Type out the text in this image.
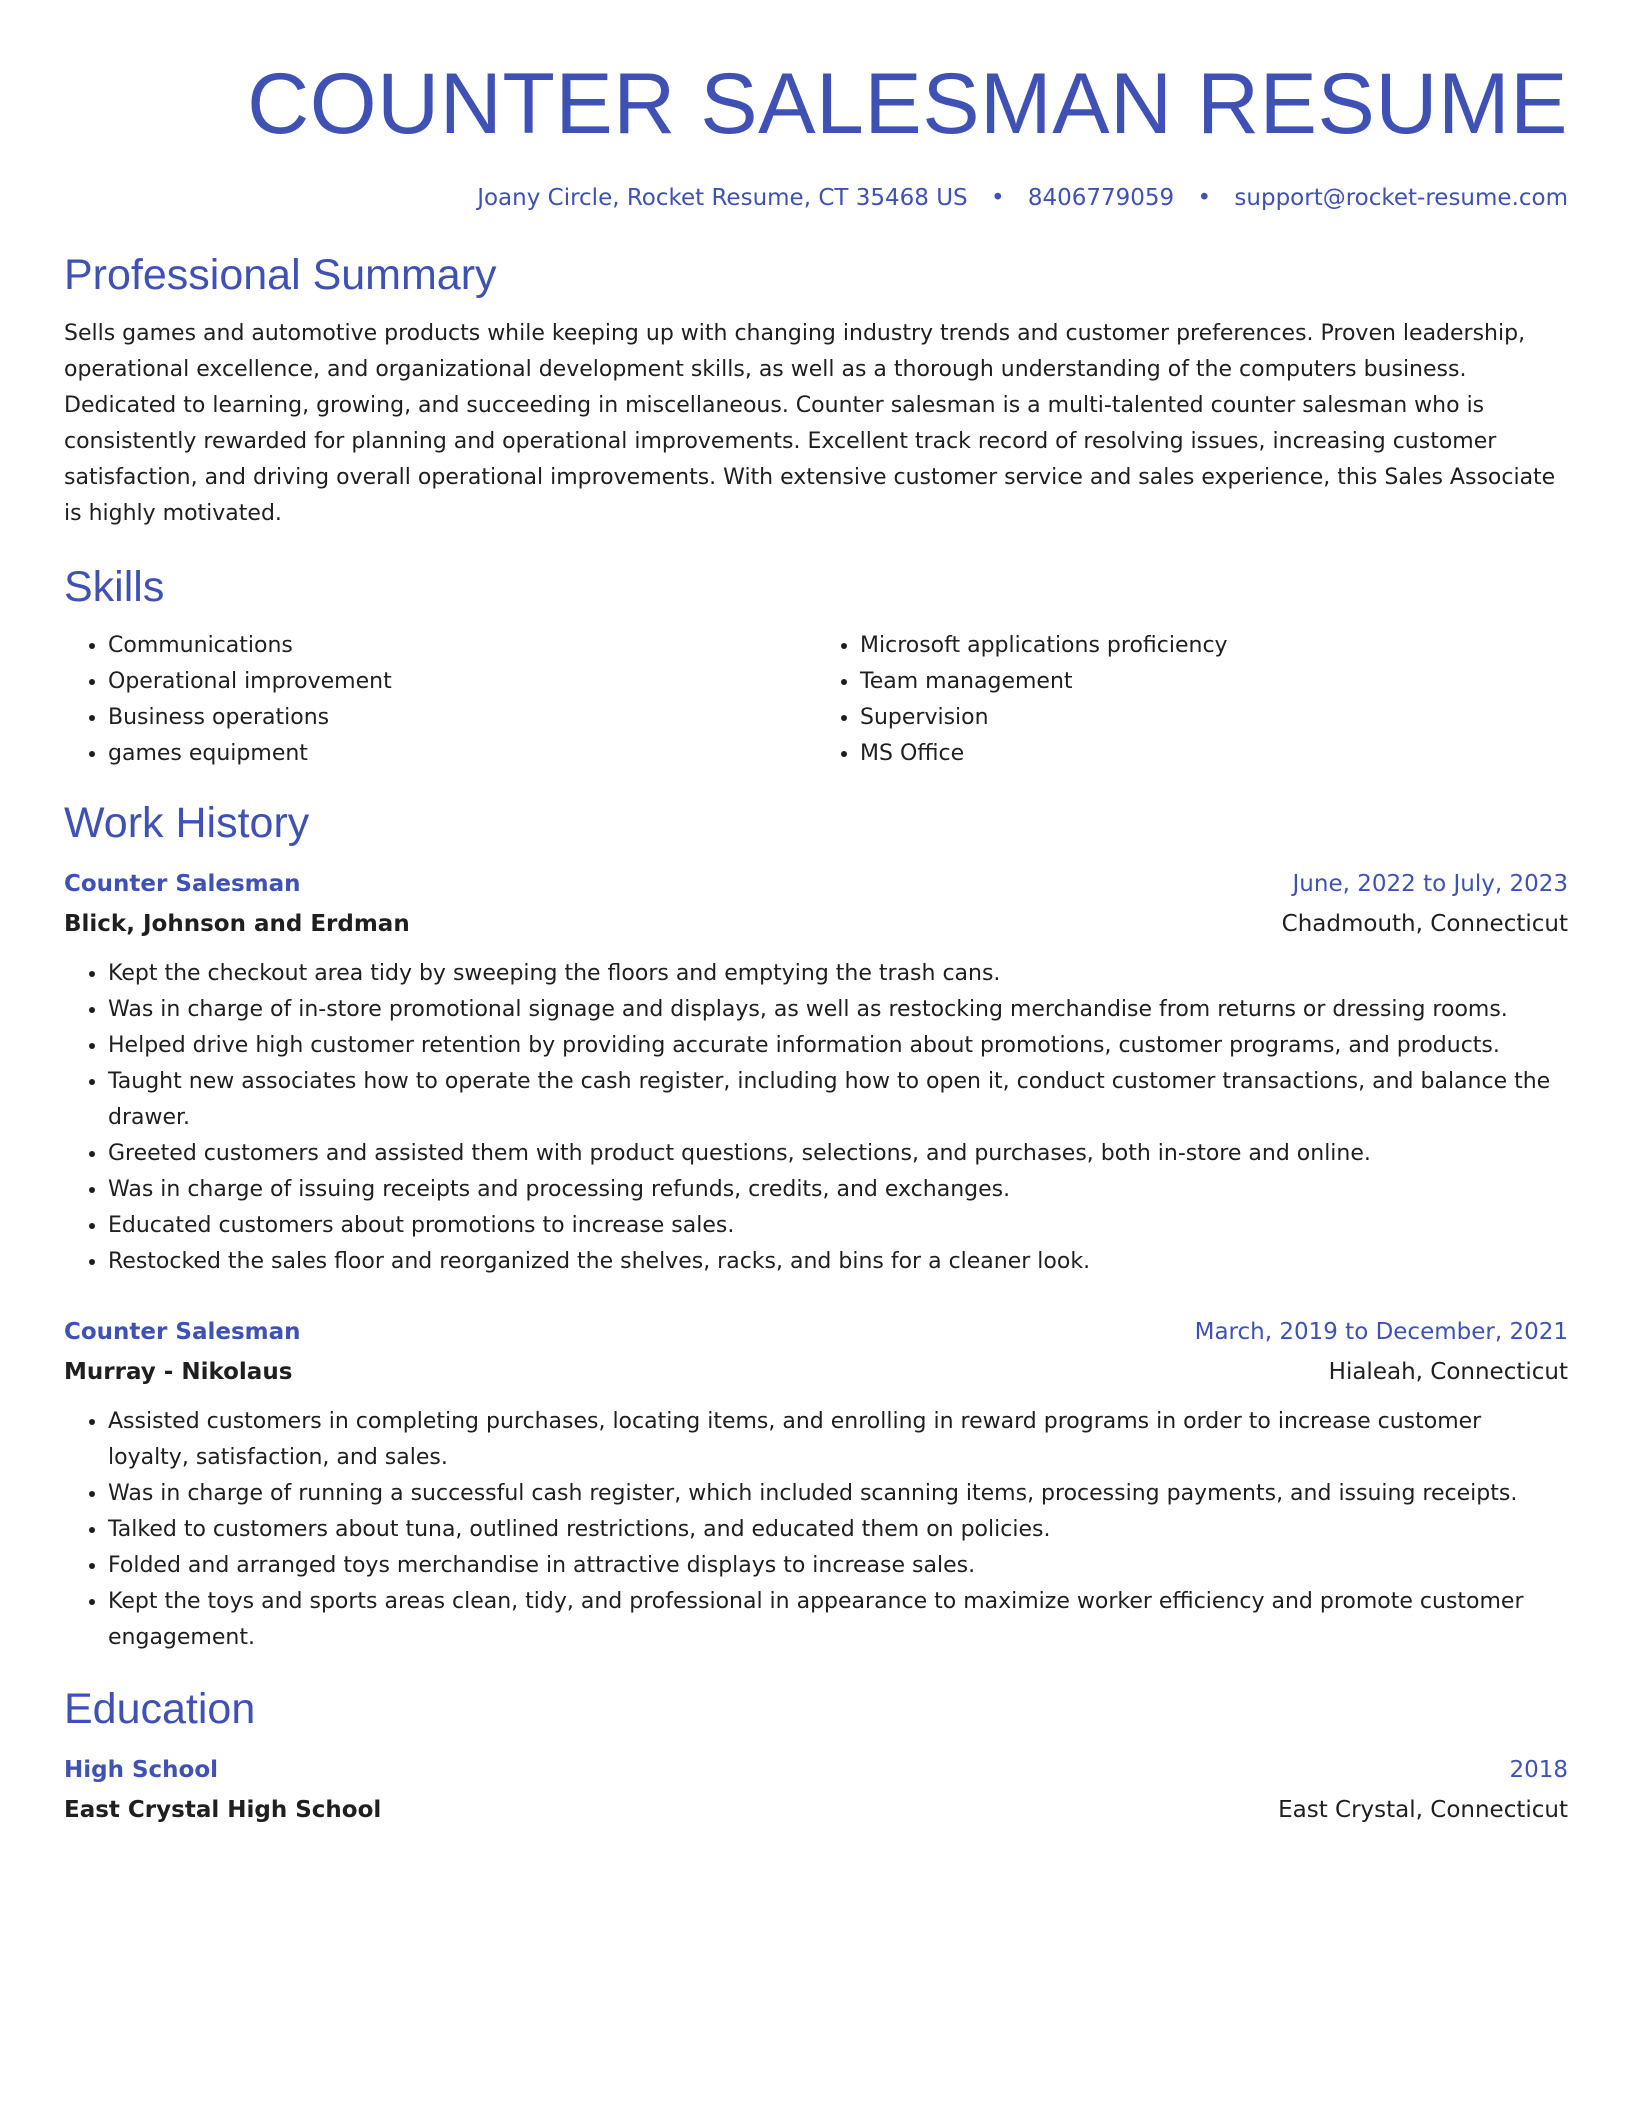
COUNTER SALESMAN RESUME
Joany Circle, Rocket Resume, CT 35468 US • 8406779059 • support@rocket-resume.com
Professional Summary

Sells games and automotive products while keeping up with changing industry trends and customer preferences. Proven leadership, operational excellence, and organizational development skills, as well as a thorough understanding of the computers business. Dedicated to learning, growing, and succeeding in miscellaneous. Counter salesman is a multi-talented counter salesman who is consistently rewarded for planning and operational improvements. Excellent track record of resolving issues, increasing customer satisfaction, and driving overall operational improvements. With extensive customer service and sales experience, this Sales Associate is highly motivated.

Skills
• Communications
• Operational improvement
• Business operations
• games equipment
• Microsoft applications proficiency
• Team management
• Supervision
• MS Office
Work History
Counter Salesman	June, 2022 to July, 2023
Blick, Johnson and Erdman	Chadmouth, Connecticut
• Kept the checkout area tidy by sweeping the floors and emptying the trash cans.
• Was in charge of in-store promotional signage and displays, as well as restocking merchandise from returns or dressing rooms.
• Helped drive high customer retention by providing accurate information about promotions, customer programs, and products.
• Taught new associates how to operate the cash register, including how to open it, conduct customer transactions, and balance the drawer.
• Greeted customers and assisted them with product questions, selections, and purchases, both in-store and online.
• Was in charge of issuing receipts and processing refunds, credits, and exchanges.
• Educated customers about promotions to increase sales.
• Restocked the sales floor and reorganized the shelves, racks, and bins for a cleaner look.
Counter Salesman	March, 2019 to December, 2021
Murray - Nikolaus	Hialeah, Connecticut
• Assisted customers in completing purchases, locating items, and enrolling in reward programs in order to increase customer loyalty, satisfaction, and sales.
• Was in charge of running a successful cash register, which included scanning items, processing payments, and issuing receipts.
• Talked to customers about tuna, outlined restrictions, and educated them on policies.
• Folded and arranged toys merchandise in attractive displays to increase sales.
• Kept the toys and sports areas clean, tidy, and professional in appearance to maximize worker efficiency and promote customer engagement.
Education
High School	2018
East Crystal High School	East Crystal, Connecticut
